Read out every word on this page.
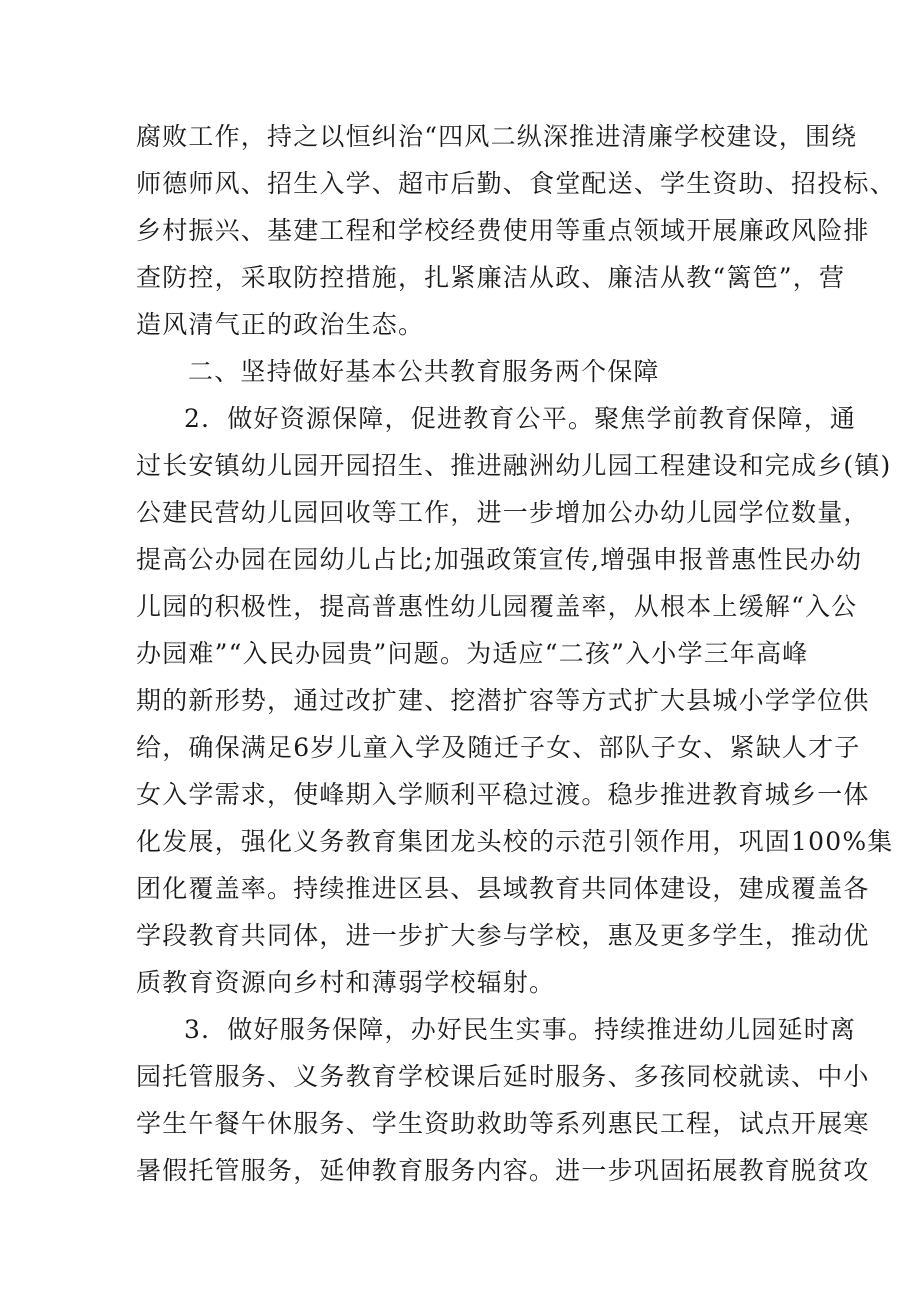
腐败工作，持之以恒纠治“四风二纵深推进清廉学校建设，围绕
师德师风、招生入学、超市后勤、食堂配送、学生资助、招投标、
乡村振兴、基建工程和学校经费使用等重点领域开展廉政风险排
查防控，采取防控措施，扎紧廉洁从政、廉洁从教“篱笆”，营
造风清气正的政治生态。
二、坚持做好基本公共教育服务两个保障
2．做好资源保障，促进教育公平。聚焦学前教育保障，通
过长安镇幼儿园开园招生、推进融洲幼儿园工程建设和完成乡(镇)
公建民营幼儿园回收等工作，进一步增加公办幼儿园学位数量，
提高公办园在园幼儿占比;加强政策宣传,增强申报普惠性民办幼
儿园的积极性，提高普惠性幼儿园覆盖率，从根本上缓解“入公
办园难”“入民办园贵”问题。为适应“二孩”入小学三年高峰
期的新形势，通过改扩建、挖潜扩容等方式扩大县城小学学位供
给，确保满足6岁儿童入学及随迁子女、部队子女、紧缺人才子
女入学需求，使峰期入学顺利平稳过渡。稳步推进教育城乡一体
化发展，强化义务教育集团龙头校的示范引领作用，巩固100%集
团化覆盖率。持续推进区县、县域教育共同体建设，建成覆盖各
学段教育共同体，进一步扩大参与学校，惠及更多学生，推动优
质教育资源向乡村和薄弱学校辐射。
3．做好服务保障，办好民生实事。持续推进幼儿园延时离
园托管服务、义务教育学校课后延时服务、多孩同校就读、中小
学生午餐午休服务、学生资助救助等系列惠民工程，试点开展寒
暑假托管服务，延伸教育服务内容。进一步巩固拓展教育脱贫攻
